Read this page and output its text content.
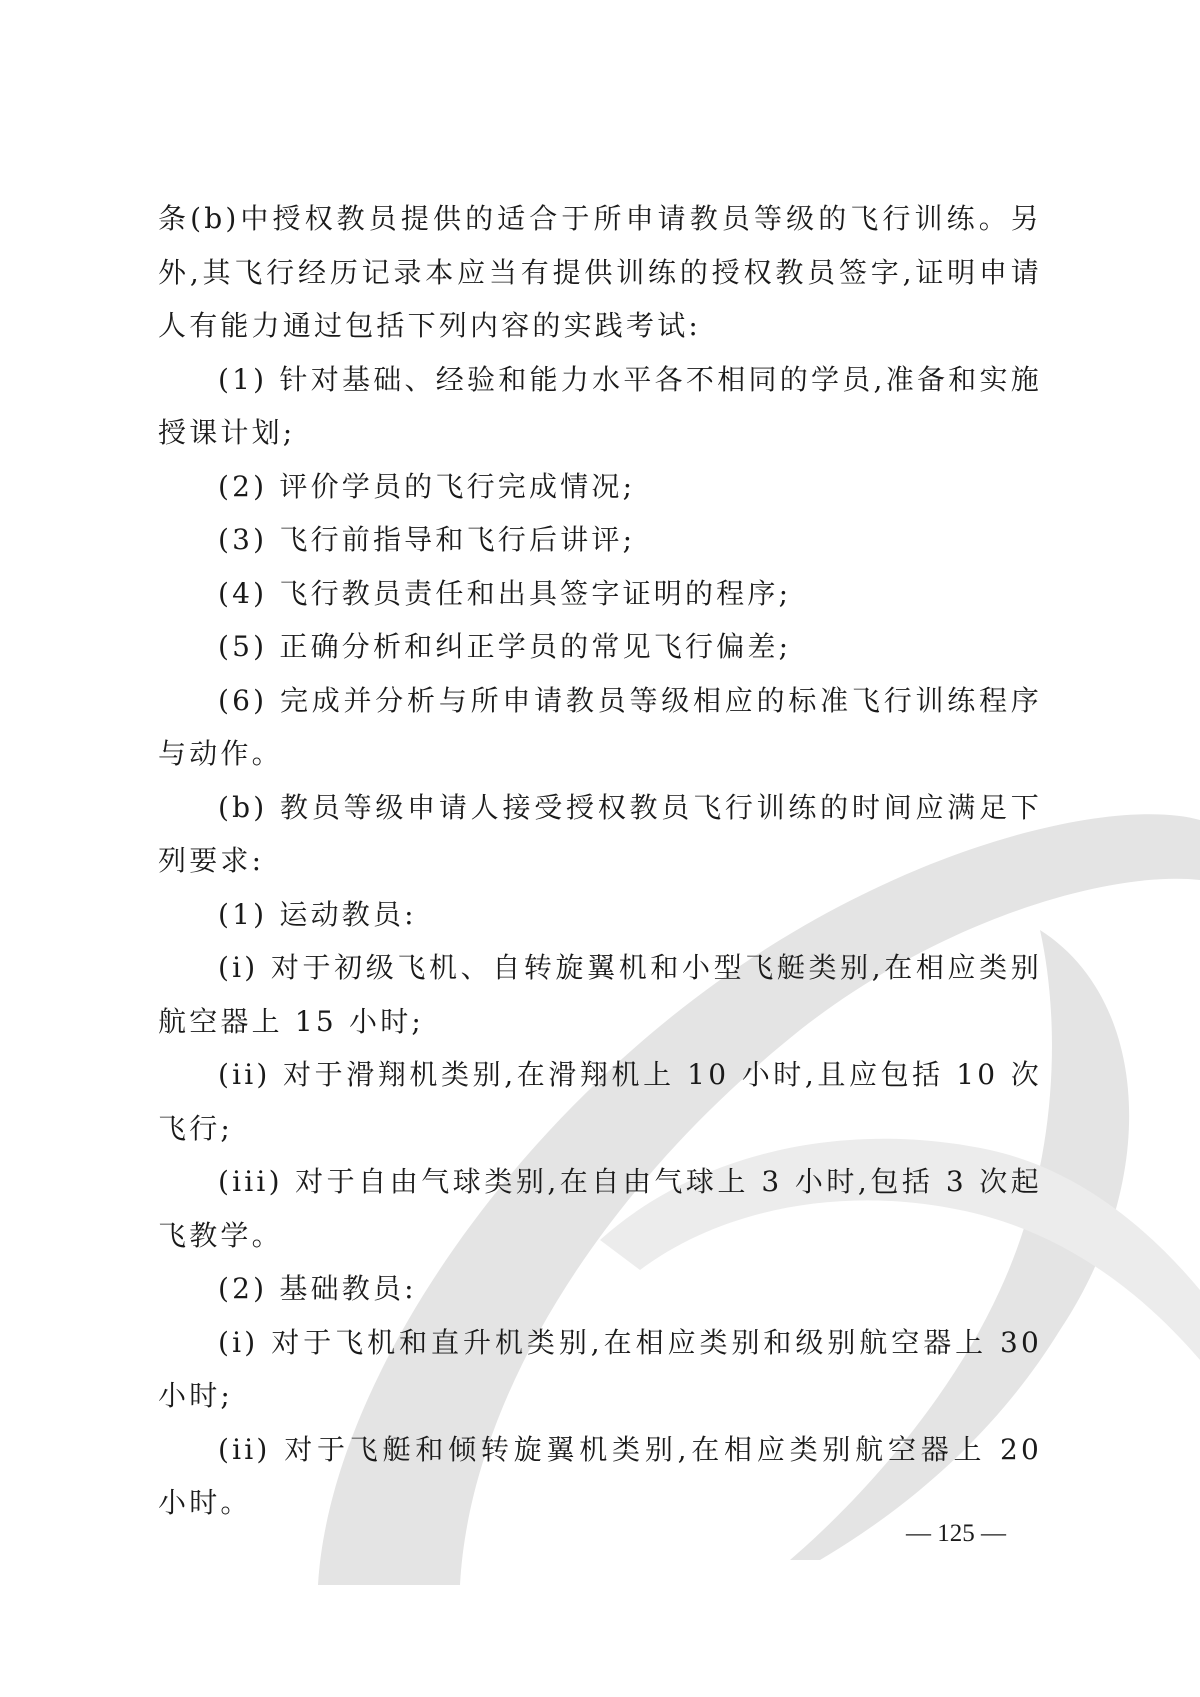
条(b)中授权教员提供的适合于所申请教员等级的飞行训练。另外,其飞行经历记录本应当有提供训练的授权教员签字,证明申请人有能力通过包括下列内容的实践考试:

(1) 针对基础、经验和能力水平各不相同的学员,准备和实施授课计划;

(2) 评价学员的飞行完成情况;

(3) 飞行前指导和飞行后讲评;

(4) 飞行教员责任和出具签字证明的程序;

(5) 正确分析和纠正学员的常见飞行偏差;

(6) 完成并分析与所申请教员等级相应的标准飞行训练程序与动作。

(b) 教员等级申请人接受授权教员飞行训练的时间应满足下列要求:

(1) 运动教员:

(i) 对于初级飞机、自转旋翼机和小型飞艇类别,在相应类别航空器上 15 小时;

(ii) 对于滑翔机类别,在滑翔机上 10 小时,且应包括 10 次飞行;

(iii) 对于自由气球类别,在自由气球上 3 小时,包括 3 次起飞教学。

(2) 基础教员:

(i) 对于飞机和直升机类别,在相应类别和级别航空器上 30 小时;

(ii) 对于飞艇和倾转旋翼机类别,在相应类别航空器上 20 小时。

— 125 —
